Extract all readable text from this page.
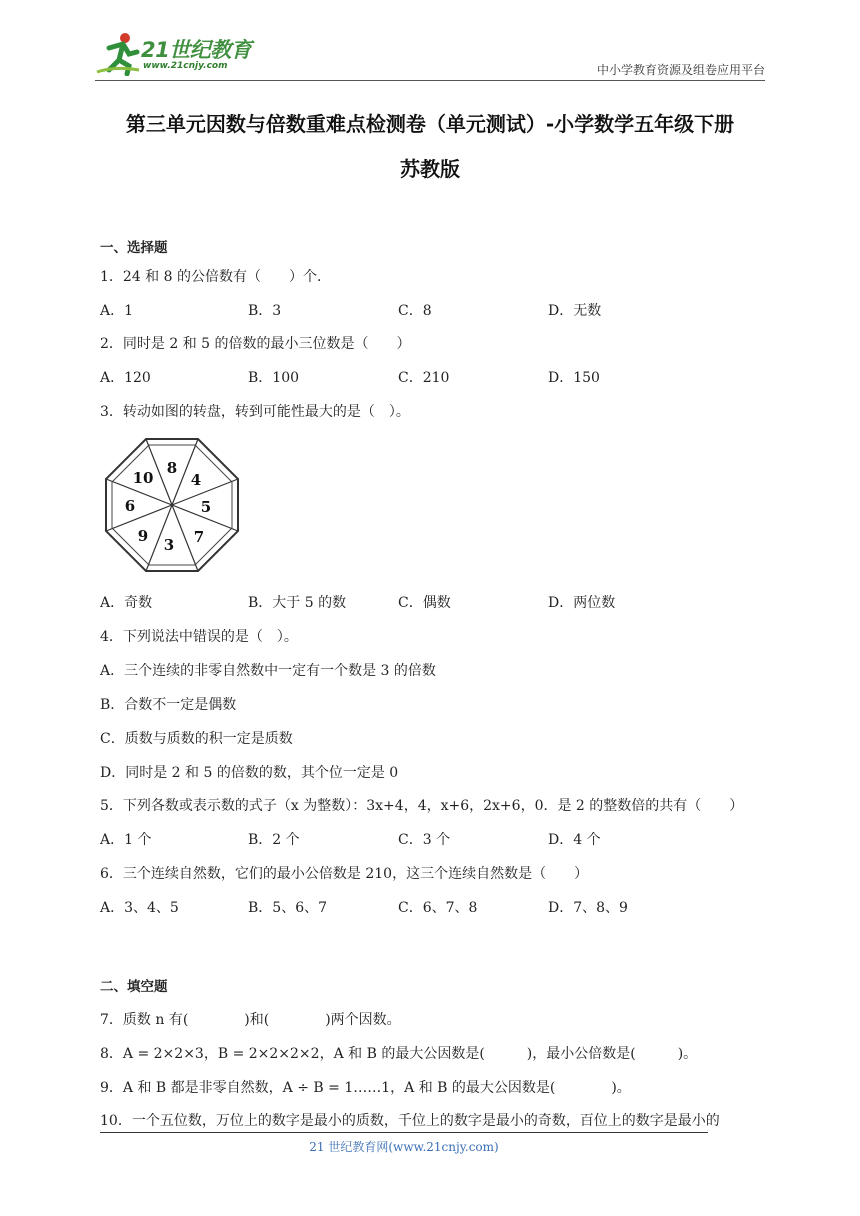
21世纪教育
www.21cnjy.com	中小学教育资源及组卷应用平台
第三单元因数与倍数重难点检测卷（单元测试）-小学数学五年级下册
苏教版
一、选择题
1．24 和 8 的公倍数有（　　）个．
A．1	B．3	C．8	D．无数
2．同时是 2 和 5 的倍数的最小三位数是（　　）
A．120	B．100	C．210	D．150
3．转动如图的转盘，转到可能性最大的是（　）。
8
4
5
7
3
9
6
10
A．奇数	B．大于 5 的数	C．偶数	D．两位数
4．下列说法中错误的是（　）。
A．三个连续的非零自然数中一定有一个数是 3 的倍数
B．合数不一定是偶数
C．质数与质数的积一定是质数
D．同时是 2 和 5 的倍数的数，其个位一定是 0
5．下列各数或表示数的式子（x 为整数）：3x+4，4，x+6，2x+6，0．是 2 的整数倍的共有（　　）
A．1 个	B．2 个	C．3 个	D．4 个
6．三个连续自然数，它们的最小公倍数是 210，这三个连续自然数是（　　）
A．3、4、5	B．5、6、7	C．6、7、8	D．7、8、9
二、填空题
7．质数 n 有(　　　　)和(　　　　)两个因数。
8．A = 2×2×3，B = 2×2×2×2，A 和 B 的最大公因数是(　　　)，最小公倍数是(　　　)。
9．A 和 B 都是非零自然数，A ÷ B = 1……1，A 和 B 的最大公因数是(　　　　)。
10．一个五位数，万位上的数字是最小的质数，千位上的数字是最小的奇数，百位上的数字是最小的
21 世纪教育网(www.21cnjy.com)
